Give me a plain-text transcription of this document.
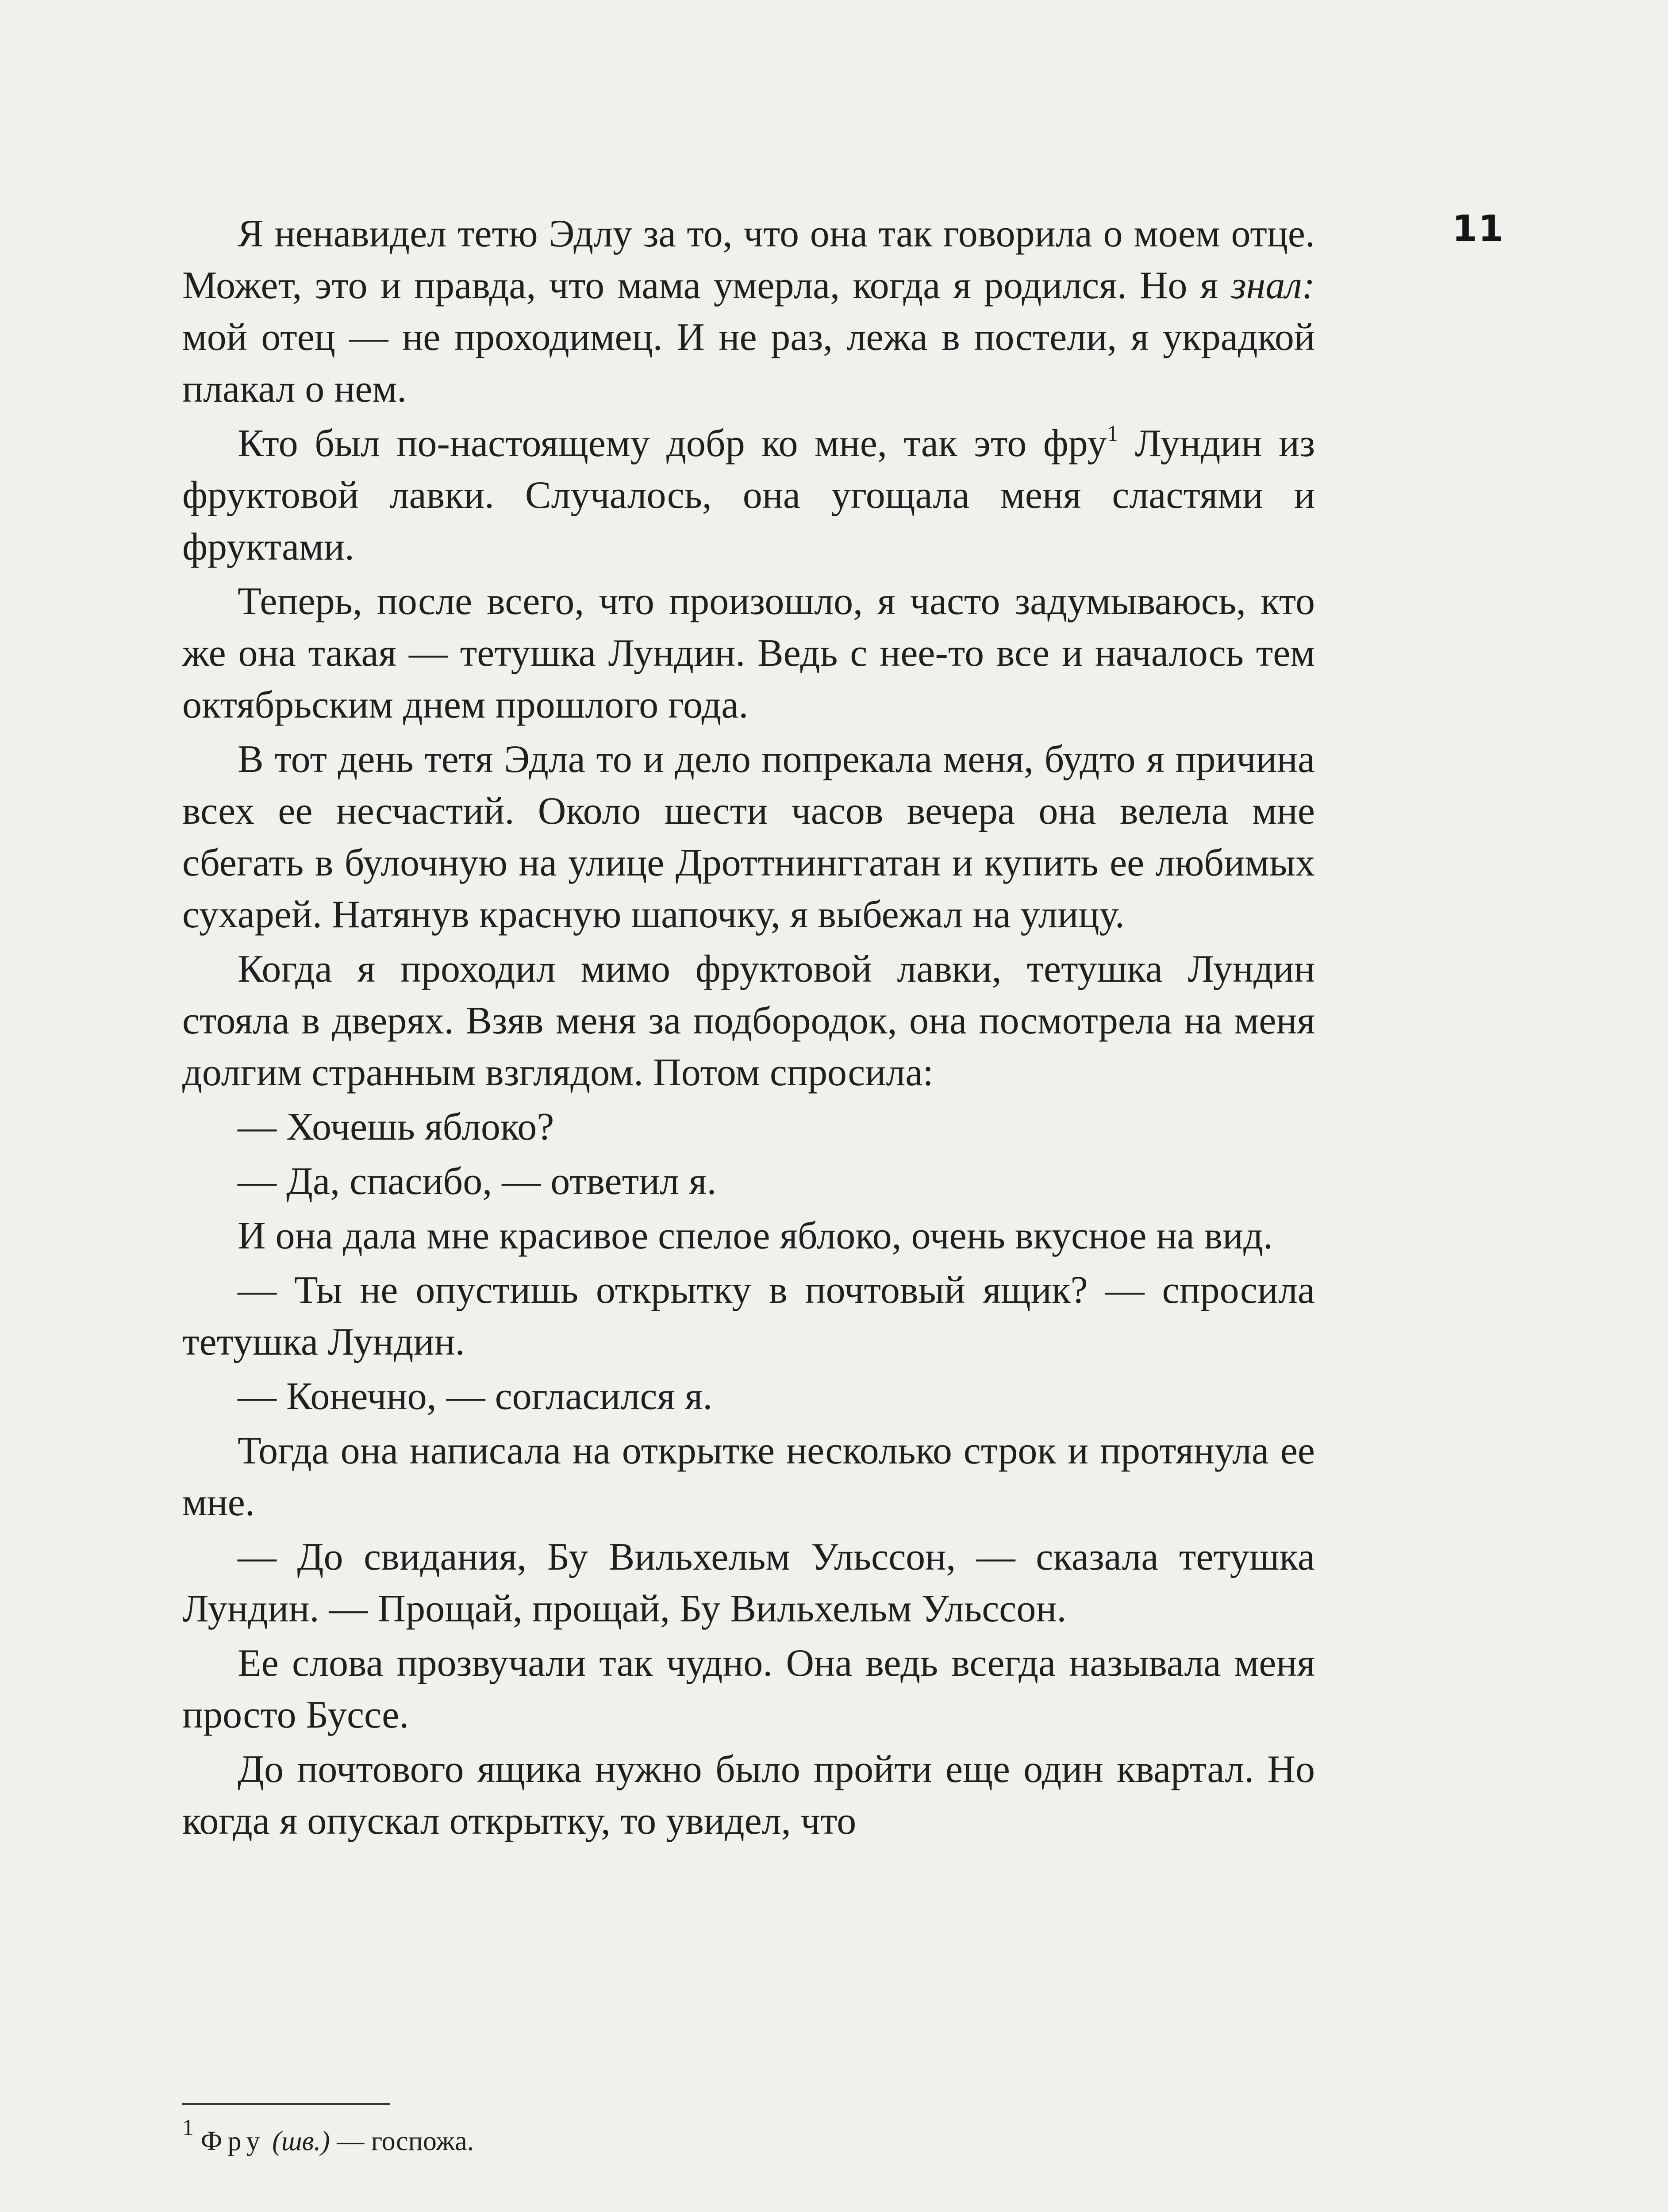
11

Я ненавидел тетю Эдлу за то, что она так говорила о моем отце. Может, это и правда, что мама умерла, когда я родился. Но я знал: мой отец — не проходимец. И не раз, лежа в постели, я украдкой плакал о нем.

Кто был по-настоящему добр ко мне, так это фру$^1$ Лундин из фруктовой лавки. Случалось, она угощала меня сластями и фруктами.

Теперь, после всего, что произошло, я часто задумываюсь, кто же она такая — тетушка Лундин. Ведь с нее-то все и началось тем октябрьским днем прошлого года.

В тот день тетя Эдла то и дело попрекала меня, будто я причина всех ее несчастий. Около шести часов вечера она велела мне сбегать в булочную на улице Дроттнинггатан и купить ее любимых сухарей. Натянув красную шапочку, я выбежал на улицу.

Когда я проходил мимо фруктовой лавки, тетушка Лундин стояла в дверях. Взяв меня за подбородок, она посмотрела на меня долгим странным взглядом. Потом спросила:

— Хочешь яблоко?

— Да, спасибо, — ответил я.

И она дала мне красивое спелое яблоко, очень вкусное на вид.

— Ты не опустишь открытку в почтовый ящик? — спросила тетушка Лундин.

— Конечно, — согласился я.

Тогда она написала на открытке несколько строк и протянула ее мне.

— До свидания, Бу Вильхельм Ульссон, — сказала тетушка Лундин. — Прощай, прощай, Бу Вильхельм Ульссон.

Ее слова прозвучали так чудно. Она ведь всегда называла меня просто Буссе.

До почтового ящика нужно было пройти еще один квартал. Но когда я опускал открытку, то увидел, что

$^1$ Фру (шв.) — госпожа.
